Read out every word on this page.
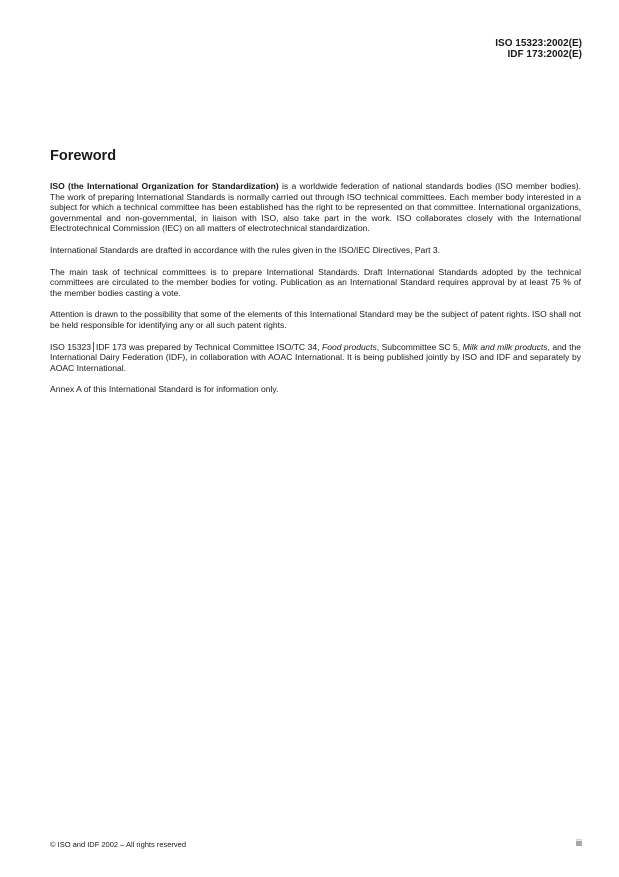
ISO 15323:2002(E)
IDF 173:2002(E)
Foreword

ISO (the International Organization for Standardization) is a worldwide federation of national standards bodies (ISO member bodies). The work of preparing International Standards is normally carried out through ISO technical committees. Each member body interested in a subject for which a technical committee has been established has the right to be represented on that committee. International organizations, governmental and non-governmental, in liaison with ISO, also take part in the work. ISO collaborates closely with the International Electrotechnical Commission (IEC) on all matters of electrotechnical standardization.

International Standards are drafted in accordance with the rules given in the ISO/IEC Directives, Part 3.

The main task of technical committees is to prepare International Standards. Draft International Standards adopted by the technical committees are circulated to the member bodies for voting. Publication as an International Standard requires approval by at least 75 % of the member bodies casting a vote.

Attention is drawn to the possibility that some of the elements of this International Standard may be the subject of patent rights. ISO shall not be held responsible for identifying any or all such patent rights.

ISO 15323 IDF 173 was prepared by Technical Committee ISO/TC 34, Food products, Subcommittee SC 5, Milk and milk products, and the International Dairy Federation (IDF), in collaboration with AOAC International. It is being published jointly by ISO and IDF and separately by AOAC International.

Annex A of this International Standard is for information only.

© ISO and IDF 2002 – All rights reserved	iii
